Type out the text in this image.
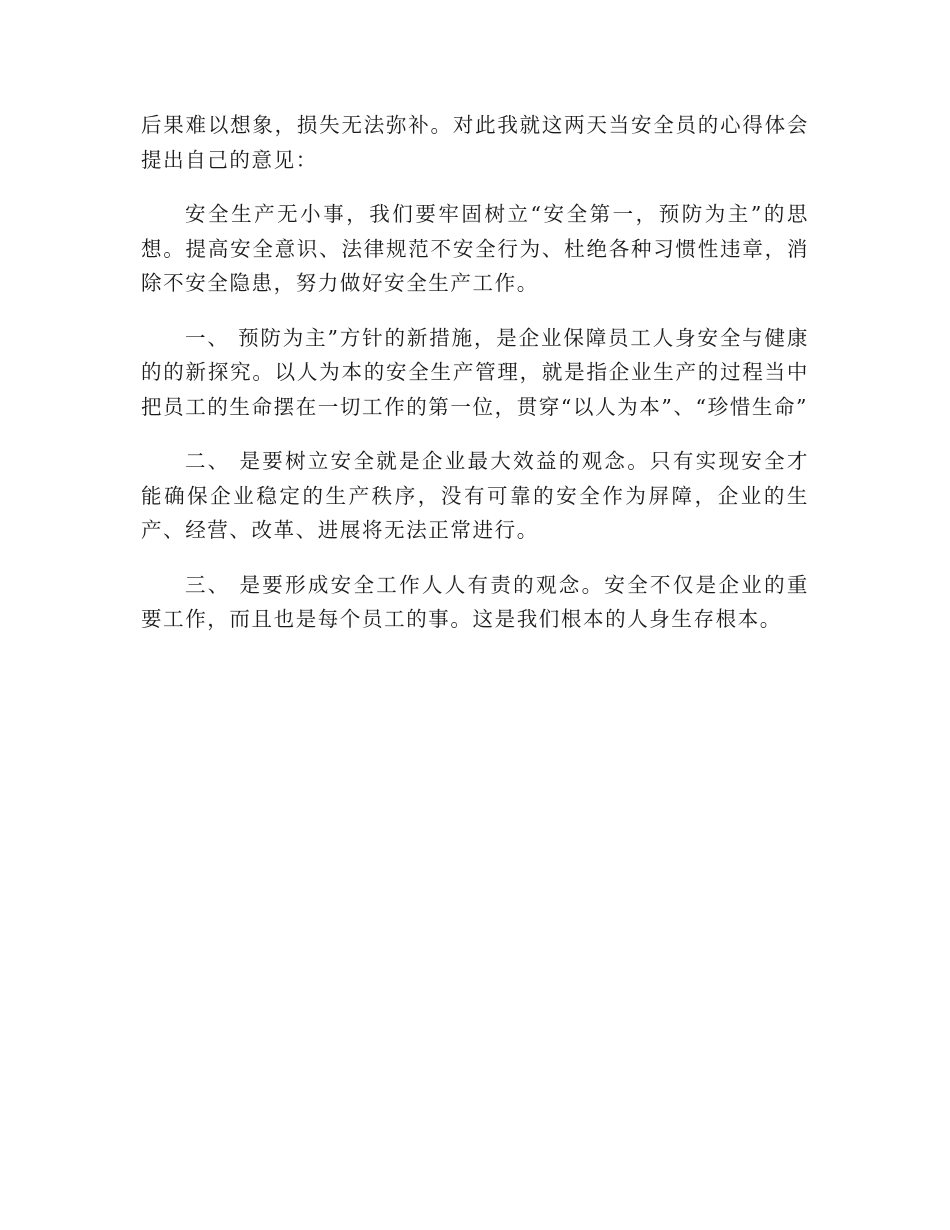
后果难以想象，损失无法弥补。对此我就这两天当安全员的心得体会提出自己的意见：

安全生产无小事，我们要牢固树立“安全第一，预防为主”的思想。提高安全意识、法律规范不安全行为、杜绝各种习惯性违章，消除不安全隐患，努力做好安全生产工作。

一、 预防为主”方针的新措施，是企业保障员工人身安全与健康的的新探究。以人为本的安全生产管理，就是指企业生产的过程当中把员工的生命摆在一切工作的第一位，贯穿“以人为本”、“珍惜生命”

二、 是要树立安全就是企业最大效益的观念。只有实现安全才能确保企业稳定的生产秩序，没有可靠的安全作为屏障，企业的生产、经营、改革、进展将无法正常进行。

三、 是要形成安全工作人人有责的观念。安全不仅是企业的重要工作，而且也是每个员工的事。这是我们根本的人身生存根本。
